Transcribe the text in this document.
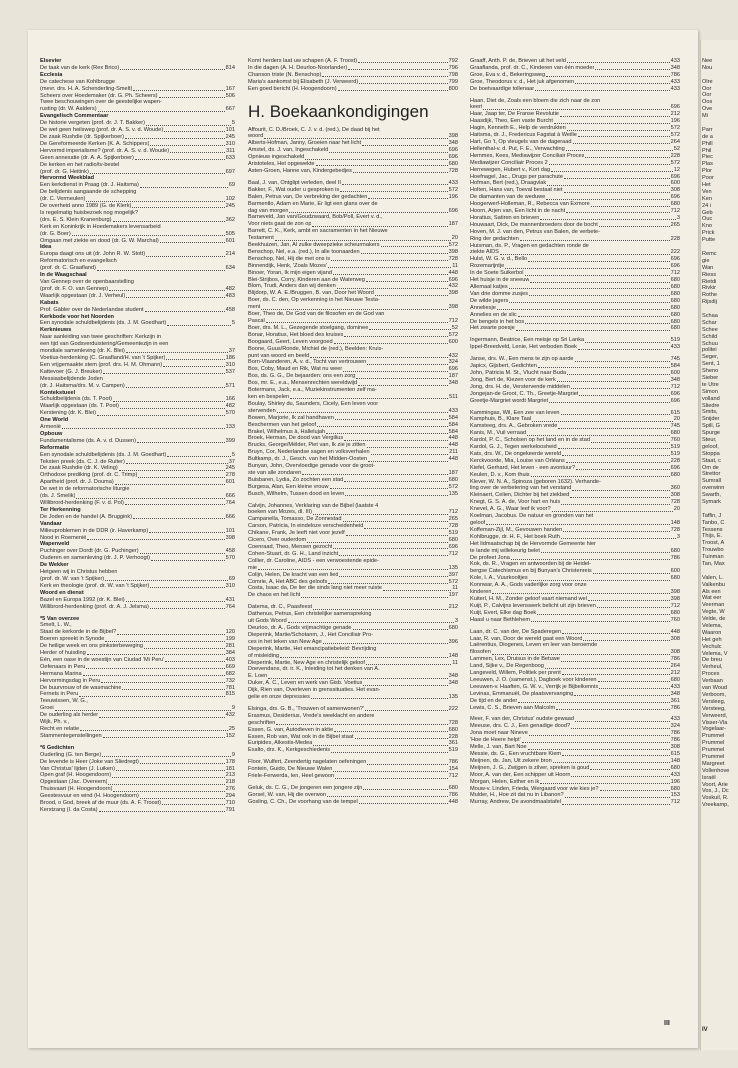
Elsevier
De taak van de kerk (Rex Brico)	814
Ecclesia
De catechese van Kohlbrugge
(mevr. drs. H. A. Schenderling-Smelt)	167
Scheers over Hoedemaker (dr. G. Ph. Scheers)	506
Twee beschouwingen over de geestelijke wapen-
rusting (dr. W. Aalders)	667
Evangelisch Commentaar
De historie vergeten (prof. dr. J. T. Bakker)	5
De wet geen heilsweg (prof. dr. A. S. v. d. Woude)	101
De zaak Rushdie (dr. Spijkerboer)	245
De Gereformeerde Kerken (K. A. Schippers)	310
Hervormd imperialisme? (prof. dr. A. S. v. d. Woude)	311
Geen annexatie (dr. A. A. Spijkerboer)	633
De kerken en het radio/tv-bestel
(prof. dr. G. Heitink)	697
Hervormd Weekblad
Een kerkdienst in Praag (dr. J. Haitsma)	69
De belijdenis aangaande de schepping
(dr. C. Vermeulen)	102
De overheid anno 1989 (G. de Klerk)	245
Is regelmatig huisbezoek nog mogelijk?
(drs. E. S. Klein Kranenburg)	362
Kerk en Koninkrijk in Hoedemakers levensarbeid
(dr. G. Boer)	505
Omgaan met ziekte en dood (dr. G. W. Marchal)	601
Idea
Europa daagt ons uit (dr. John R. W. Stott)	214
Reformatorisch en evangelisch
(prof. dr. C. Graafland)	634
In de Waagschaal
Van Gennep over de openbaarstelling
(prof. dr. F. O. van Gennep)	482
Waarlijk opgestaan (dr. J. Verheul)	483
Kabats
Prof. Gäbler over de Nederlandse student	458
Kerkbode voor het Noorden
Een synodale schuldbelijdenis (ds. J. M. Goedhart)	5
Kerknieuws
Naar aanleiding van twee geschriften: Kerkzijn in
een tijd van Godsverduistering/Gemeentezijn in een
mondiale samenleving (dr. K. Blei)	37
Voetius-herdenking (C. Graafland/H. van 't Spijker)	186
Een vrijgemaakte stem (prof. drs. H. M. Ohmann)	310
Kattevoer (G. J. Breuker)	537
Messiasbelijdende Joden
(dr. J. Haitsma/drs. M. v. Campen)	571
Kontekstueel
Schuldbelijdenis (ds. T. Poot)	166
Waarlijk opgestaan (ds. T. Poot)	482
Kerstening (dr. K. Blei)	570
One World
Armenië	133
Opbouw
Fundamentalisme (ds. A. v. d. Dussen)	399
Reformatie
Een synodale schuldbelijdenis (ds. J. M. Goedhart)	5
Teksten preek (ds. C. J. de Ruiter)	37
De zaak Rushdie (dr. K. Veling)	245
Orthodoxe prediking (prof. dr. C. Trimp)	278
Apartheid (prof. dr. J. Douma)	601
De wet in de reformatorische liturgie
(ds. J. Smelik)	666
Willibrord-herdenking (F. v. d. Pol)	764
Ter Herkenning
De Joden en de handel (A. Bruggink)	666
Vandaar
Milieuproblemen in de DDR (ir. Haverkamp)	101
Nood in Roemenië	398
Wapenveld
Puchinger over Dordt (dr. G. Puchinger)	458
Ouderen en samenleving (dr. J. P. Verhoogt)	570
De Wekker
Hetgeen wij in Christus hebben
(prof. dr. W. van 't Spijker)	69
Kerk en theologie (prof. dr. W. van 't Spijker)	310
Woord en dienst
Bazel en Europa 1992 (dr. K. Blei)	431
Willibrord-herdenking (prof. dr. A. J. Jelsma)	764
*5 Van overzee
Smelt, L. W.,
Staat de kerkorde in de Bijbel?	120
Boeren spreekt in Synode	199
De heilige week en ons pinksterbeweging	281
Herder of huisding	384
Eén, een oase in de woestijn van Ciudad 'Mi Peru'	403
Oefenaars in Peru	669
Hermana Marina	682
Hervormingsdag in Peru	732
De buurvrouw of de wasmachine	781
Fernets in Peru	815
Teeuwissen, W. G.,
Groei	9
De ouderling als herder	432
Wijk, Ph. v.,
Recht en relatie	25
Stammentegenstellingen	152
*6 Gedichten
Ouderling (G. ten Berge)	9
De levende is Heer (Joke van Sliedregt)	178
Van Christus' lijden (J. Luiken)	181
Open graf (H. Hoogendoorn)	213
Opgestaan (Jac. Overeem)	218
Thuisvaart (H. Hoogendoorn)	276
Geestesvuur en wind (H. Hoogendoorn)	294
Brood, o God, breek af de muur (ds. A. F. Troost)	710
Kerstzang (I. da Costa)	791
Komt herders laat uw schapen (A. F. Troost)	792
In die dagen (A. H. Deurloo-Noorlander)	796
Chanson triste (N. Benschop)	798
Maria's aankomst bij Elisabeth (J. Verweerd)	799
Een goed bericht (H. Hoogendoorn)	800
H. Boekaankondigingen
Affourit, C. D./Broek, C. J. v. d. (red.), De daad bij het
woord	398
Alberts-Hofman, Janny, Groeien naar het licht	348
Amstel, ds. J. van, Ingeschakeld	696
Opnieuw ingeschakeld	696
Aristoteles, Het opgewekte	680
Asten-Groen, Hanne van, Kindergebedjes	728
Baal, J. van, Ontglipt verleden, deel II	433
Bakker, F., Wat ouder u gesproken is	572
Balen, Petrus van, De verbreking der gedachten	196
Barmentlo, Adam en Marie, Er ligt een glans over de
dag van morgen	696
Barneveld, Jan van/Goudzwaard, Bob/Poll, Evert v. d.,
Voor niets gaat de zon op	187
Barrett, C. K., Kerk, ambt en sacramenten in het Nieuwe
Testament	20
Beekhuizen, Jan, Al zulke dweepzieke scheurmakers	572
Benschop, Nel, e.a. (red.), In alle toonaarden	398
Benschop, Nel, Hij die met ons is	728
Binnendijk, Henk, 'Zoals Mozes'	11
Binoer, Yoran, Ik mijn eigen vijand	448
Blei-Strijbos, Corry, Kinderen aan de Waterweg	696
Blom, Trudi, Anders dan wij denken	432
Blijdorp, W. A. E./Bruggen, B. van, Door het Woord	398
Boer, ds. C. den, Op verkenning in het Nieuwe Testa-
ment	398
Boer, Theo de, De God van de filosofen en de God van
Pascal	712
Boer, drs. M. L., Gezegende stoelgang, dominee	52
Bonar, Horatius, Het bloed des kruises	572
Boogaard, Geert, Leven voorgoed	600
Boone, Guus/Ronde, Michiel de (red.), Beelden: Kruis-
punt van woord en beeld	432
Born-Vlaanderen, A. v. d., Tocht van vertrouwen	324
Bos, Coby, Maud en Rik, Wat nu weer	696
Bos, ds. G. G., De bejaarden: ons een zorg	187
Bos, mr. E., e.a., Mensenrechten wereldwijd	348
Botermans, Jack, e.a., Muziekinstrumenten zelf ma-
ken en bespelen	511
Boulay, Shirley du, Saunders, Cicely, Een leven voor
stervenden	433
Bowen, Marjorie, Ik zal handhaven	584
Beschermen van het geloof	584
Brakel, Wilhelmus à, Hallelujah	584
Broek, Herman, De dood van Vergilius	448
Brucks, George/Mélder, Piet van, Ik zie je zitten	448
Bruyn, Cor, Nederlandse sagen en volksverhalen	211
Bultkamp, dr. J., Gesch. van het Midden-Oosten	448
Bunyan, John, Overvloedige genade voor de groot-
ste van alle zondaren	187
Buisbaren, Lydia, Zo zochten een stad	680
Burgesa, Alan, Een kleine vrouw	572
Busch, Wilhelm, Tussen dood en leven	135
Calvijn, Johannes, Verklaring van de Bijbel (laatste 4
boeken van Mozes, dl. III)	712
Campanella, Tomasso, De Zonnestad	265
Carson, Patricia, In eindeloze verscheidenheid	728
Chikane, Frank, Je leeft niet voor jezelf	519
Cicero, Over ouderdom	680
Coenraad, Theo, Mensen gezocht	696
Cohen-Stuart, dr. G. H., Land inzicht	712
Collier, dr. Caroline, AIDS - een verwoestende epide-
mie	135
Colijn, Helen, De kracht van een lied	397
Comrie, A, Het ABC des geloofs	572
Costa, Isaac da, De lier die sinds lang niet meer ruiste	11
De chaos en het licht	197
Datema, dr. C., Paasfeest	212
Dathenus, Petrus, Een christelijke samenspreking
uit Gods Woord	3
Deurloo, dr. A., Gods vrijmachtige genade	680
Dieperink, Martie/Schotanm, J., Het Conciliair Pro-
ces in het teken van New Age	396
Dieperink, Martie, Het emancipatiebeleid: Bevrijding
of misleiding	148
Dieperink, Martie, New Age en christelijk geloof	11
Doevendans, dr. ir. K., Inleiding tot het denken van A.
E. Loen	348
Duker, A. C., Leven en werk van Gisb. Voetius	348
Dijk, Rien van, Overleven in grenssituaties. Het evan-
gelie en onze depressies	135
Elsinga, drs. G. B., 'Trouwen of samenwonen?'	222
Erasmus, Desiderius, Vrede's weeklacht en andere
geschriften	728
Essen, G. van, Autodieven in aktie	680
Essen, Rob van, Wat ook in de Bijbel staat	228
Euripides, Alkestis-Medea	361
Exalto, drs. K., Kerkgeschiedenis	519
Floor, Wulfert, Zeendertig nagelaten oefeningen	786
Fontein, Guido, De Nieuwe Walen	154
Friele-Ferwerda, Ien, Heel gewoon	712
Geluk, ds. C. G., De jongeren een jongere zijn	680
Gorsel, W. van, Hij die overwon	786
Gosling, C. Ch., De voorhang van de tempel	448
Graaff, Anth. P. de, Brieven uit het veld	433
Graaflanda, prof. dr. C., Kinderen van één moeder	348
Groe, Eva v. d., Bekeringsweg	786
Groe, Theodorus v. d., Het juk afgenomen	433
De boetvaardige tollenaar	433
Haan, Diet de, Zoals een bloem die zich naar de zon
keert	696
Haar, Jaap ter, De Franse Revolutie	212
Haasdijk, Theo, Een vaste Burcht	196
Hagin, Kenneth E., Help de verdrukten	572
Haitsma, dr. J., Fredericus Fagstat à Weille	572
Hart, Go 't, Op vleugels van de dageraad	264
Hellenthal-v. d. Put, F. E., Verwachting	52
Hemmes, Kees, Mediawijzer Conciliair Proces	228
Mediawijzer Conciliair Proces 2	572
Herrewegen, Hubert v., Kort dag	12
Hoefnagel, Jac., Drugs per parachute	696
Hofman, Bert (red.), Draagvlak	600
Holten, Hans van, Toeval bestaat niet	308
De diamanten van de weduwe	696
Hoogerwerf-Holleman, R., Rebecca van Exmore	680
Hoorn, Arjen van, Een licht in de nacht	712
Horatius, Satiren en brieven	3
Houwaart, Dick, De mannenbroeders door de bocht	265
Hoven, M. J. van den, Petrus van Balen, de verbete-
Ring der gedachten	228
Huisman, ds. P., Vragen en gedachten ronde de
ziekte AIDS	222
Hulst, W. G. v. d., Bello	696
Rozemarijntje	696
In de Soete Suikerbol	712
Het huisje in de sneeuw	680
Allemaal katjes	680
Van drie domme zusjes	680
De wilde jagers	680
Anneliesje	680
Annelies en de slic	680
De bengels in het bos	680
Het zwarte poesje	680
Ingermann, Beatrice, Een meisje op Sri Lanka	519
Ippel-Breedveld, Lenie, Het verboden Boek	433
Janse, drs. W., Een mens te zijn op aarde	745
Japicx, Gijsbert, Gedichten	584
John, Patricia M. St., Vlucht naar Buda	600
Jong, Bert de, Kiezen voor de kerk	348
Jong, drs. H. de, Verstervende middelen	712
Jongejan-de Groot, C. Th., Greetje-Margriet	696
Greetje-Margriet wordt Margriet	696
Kammingas, Wil, Een zee van leven	615
Kamphuis, B., Klare Taal	20
Kamsteeg, drs. A., Gebroken vrede	745
Kanis, M., Vuil verraad	680
Kardol, P. C., Scholsen op het land en in de stad	760
Kardol, G. J., Tegen werkeloosheid	519
Kats, drs. W., De ongekeerde wereld	519
Kerckvoorde, Mia, Louise van Orléans	228
Kiefel, Gerhard, Het leven - een avontuur?	696
Keulen, D. v., Kom thuis	680
Klever, W. N. A., Spinoza (geboren 1632). Verhande-
ling over de verbetering van het verstand	360
Kleinaert, Celien, Dichter bij het ziekbed	308
Knegt, G. S. A. de, Voor hart en huis	728
Knevel, A. G., Waar leef ik voor?	20
Koelman, Jacobus. De natuur en gronden van het
geloof	148
Koffeman-Zijl, M., Gevouwen handen	728
Kohlbrugge, dr. H. F., Het boek Ruth	3
Het lidmaatschap bij de Hervormde Gemeente hier
te lande mij willekeurig belet	680
De profeet Jona	786
Kok, ds. R., Vragen en antwoorden bij de Heidel-
bergse Catechismus en bij Bunyan's Christenreis	600
Kole, I. A., Vuurkooltjes	680
Konnwar, A. A., Gods vaderlijke zorg voor onze
kinderen	398
Kuiterl, H. M., Zonder geloof vaart niemand wel	398
Kuijt, P., Calvijns levenswerk belicht uit zijn brieven	712
Kuijt, Evert, Elke dag Boek	680
Haasl u naar Bethlehem	760
Laan, dr. C. van der, De Spaderegen	448
Laar, R. van, Door de wereld gaat een Woord	308
Laërentius, Diogenes, Leven en leer van beroemde
filosofen	308
Lammen, Lex, Druisus in de Betuwe	786
Land, Sijke v., De Regenboog	264
Langeveld, Willem, Politiek per prent	212
Leeuwen, J. O. (samenst.), Dagboek voor kinderen	680
Leeuwen-v. Haaften, G. W. v., Verrijk je Bijbelkennis	433
Levinas, Emmanuël, De plaatsvervanging	348
De tijd en de ander	361
Lewis, C. S., Brieven aan Malcolm	786
Meer, F. van der, Christus' oudste gewaad	433
Meeuse, drs. C. J., Een genadige dood?	324
Jona moet naar Nineve	786
'Hoe de Heere helpt'	786
Melle, J. van, Bart Noe	308
Messie, ds. G., Een vruchtbare Kiem	615
Meijnen, ds. Jan, Uit zekere bron	148
Meijnen, J. G., Zwijgen is zilver, spreken is goud	680
Moor, A. van der, Een schipper uit Hoorn	433
Morgan, Helen, Esther en ik	196
Mouw-v. Linden, Frieda, Wergaard voor wie kies je?	680
Mulder, H., Hoe zit dat nu in Libanon?	153
Murray, Andrew, De avondmaalstafel	712
Nee
Nou
Olre
Oor
Oor
Oos
Ove
Mi
Parr
de a
Phill
Phil
Piec
Plas
Plor
Poor
Het
Ven
Ken
24 i
Geb
Ouc
Kno
Prick
Putte
Remc
gie
Wan
Riess
Rietdi
Rivkir
Rothe
Rijsdij
Schaa
Schar
Schee
Schild
Schuu
politei
Seger,
Sent, 1
Sheno
Sieber
te Utre
Simon
volland
Sliedre
Smits,
Snijder
Spill, G
Spurge
Steur,
geloof,
Stoppa
Staat, c
Om de
Strettor
Sumrall
overwinn
Swarth,
Symark
Taffin, J
Tanbo, C
Tessens
Thijs, E.
Troost, A
Trouwbo
Tuinman
Tan, Max
Valen, L.
Valkenbu
Als een
Wat eer
Veerman
Vegte, W
Velde, de
Velema,
Waaron
Het geh
Vechulc
Velema, V
De breu
Verheul,
Proces
Verbaan
van Woud
Verboom,
Versleeg,
Versteeg,
Verweerd,
Visser-Vla
Vogelaar-
Prummel
Prummel
Prummel
Prummel
Margreet
Vollenhove
Israël
Voort, Arie
Vos, J., Dc
Voskuil, R.
Vreekamp,
III
IV
